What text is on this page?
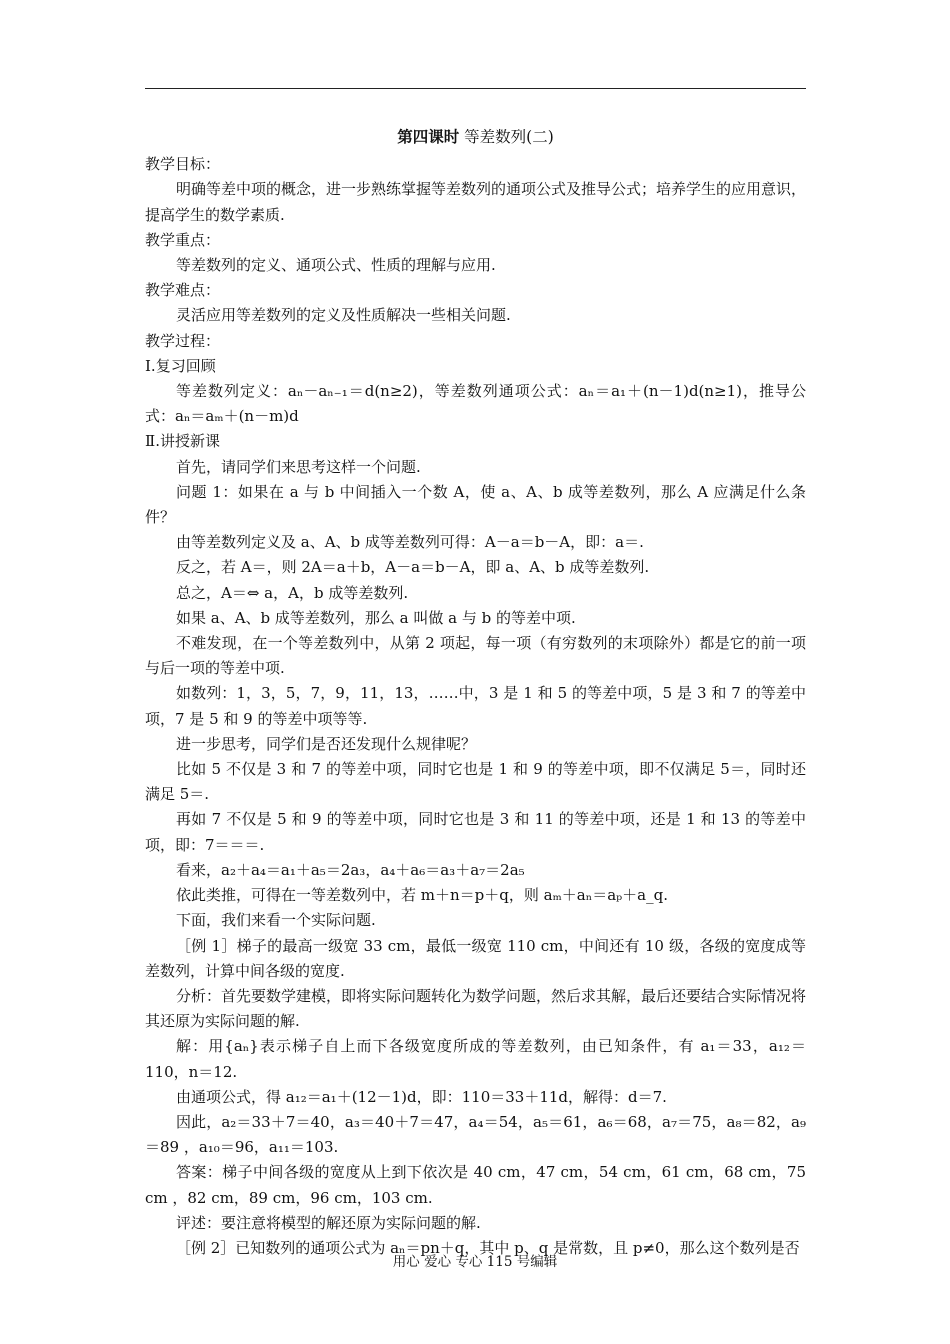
第四课时 等差数列(二)

教学目标：

明确等差中项的概念，进一步熟练掌握等差数列的通项公式及推导公式；培养学生的应用意识，提高学生的数学素质.

教学重点：

等差数列的定义、通项公式、性质的理解与应用.

教学难点：

灵活应用等差数列的定义及性质解决一些相关问题.

教学过程：

Ⅰ.复习回顾

等差数列定义：aₙ－aₙ₋₁＝d(n≥2)，等差数列通项公式：aₙ＝a₁＋(n－1)d(n≥1)，推导公式：aₙ＝aₘ＋(n－m)d

Ⅱ.讲授新课

首先，请同学们来思考这样一个问题.

问题 1：如果在 a 与 b 中间插入一个数 A，使 a、A、b 成等差数列，那么 A 应满足什么条件？

由等差数列定义及 a、A、b 成等差数列可得：A－a＝b－A，即：a＝.

反之，若 A＝，则 2A＝a＋b，A－a＝b－A，即 a、A、b 成等差数列.

总之，A＝⇔ a，A，b 成等差数列.

如果 a、A、b 成等差数列，那么 a 叫做 a 与 b 的等差中项.

不难发现，在一个等差数列中，从第 2 项起，每一项（有穷数列的末项除外）都是它的前一项与后一项的等差中项.

如数列：1，3，5，7，9，11，13，……中，3 是 1 和 5 的等差中项，5 是 3 和 7 的等差中项，7 是 5 和 9 的等差中项等等.

进一步思考，同学们是否还发现什么规律呢？

比如 5 不仅是 3 和 7 的等差中项，同时它也是 1 和 9 的等差中项，即不仅满足 5＝，同时还满足 5＝.

再如 7 不仅是 5 和 9 的等差中项，同时它也是 3 和 11 的等差中项，还是 1 和 13 的等差中项，即：7＝＝＝.

看来，a₂＋a₄＝a₁＋a₅＝2a₃，a₄＋a₆＝a₃＋a₇＝2a₅

依此类推，可得在一等差数列中，若 m＋n＝p＋q，则 aₘ＋aₙ＝aₚ＋a_q.

下面，我们来看一个实际问题.

［例 1］梯子的最高一级宽 33 cm，最低一级宽 110 cm，中间还有 10 级，各级的宽度成等差数列，计算中间各级的宽度.

分析：首先要数学建模，即将实际问题转化为数学问题，然后求其解，最后还要结合实际情况将其还原为实际问题的解.

解：用{aₙ}表示梯子自上而下各级宽度所成的等差数列，由已知条件，有 a₁＝33，a₁₂＝110，n＝12.

由通项公式，得 a₁₂＝a₁＋(12－1)d，即：110＝33＋11d，解得：d＝7.

因此，a₂＝33＋7＝40，a₃＝40＋7＝47，a₄＝54，a₅＝61，a₆＝68，a₇＝75，a₈＝82，a₉＝89 ，a₁₀＝96，a₁₁＝103.

答案：梯子中间各级的宽度从上到下依次是 40 cm，47 cm，54 cm，61 cm，68 cm，75 cm ，82 cm，89 cm，96 cm，103 cm.

评述：要注意将模型的解还原为实际问题的解.

［例 2］已知数列的通项公式为 aₙ＝pn＋q，其中 p、q 是常数，且 p≠0，那么这个数列是否

用心 爱心 专心 115 号编辑
